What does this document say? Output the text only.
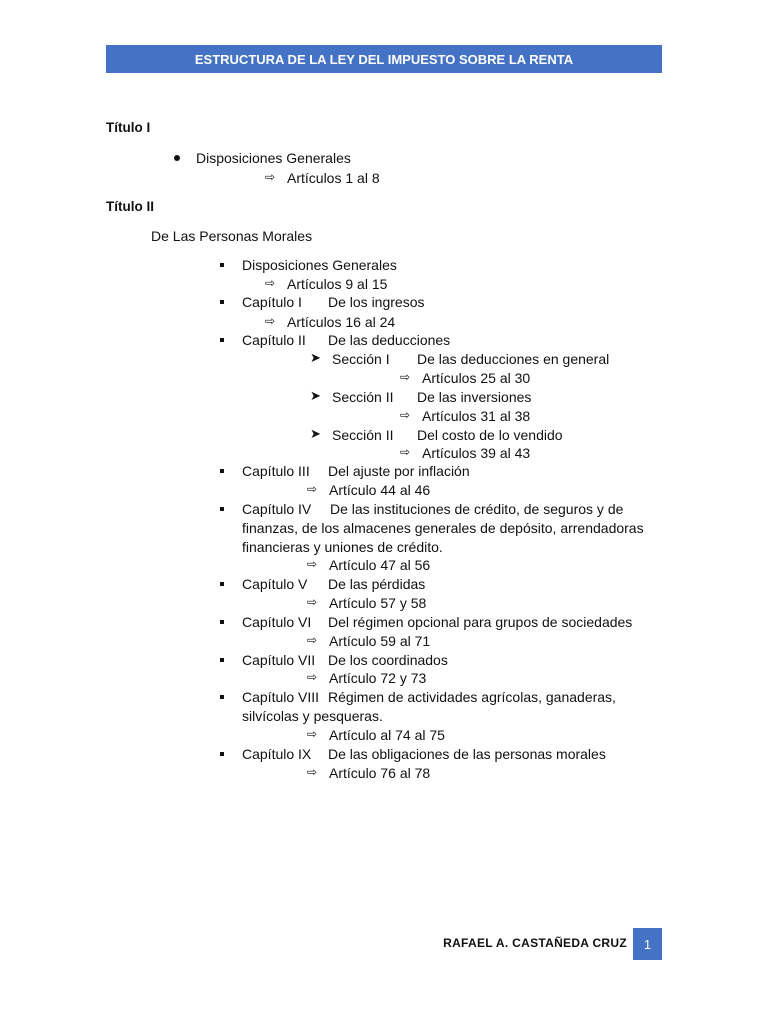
ESTRUCTURA DE LA LEY DEL IMPUESTO SOBRE LA RENTA
Título I
Disposiciones Generales
⇨ Artículos 1 al 8
Título II
De Las Personas Morales
Disposiciones Generales
⇨ Artículos 9 al 15
Capítulo I De los ingresos
⇨ Artículos 16 al 24
Capítulo II De las deducciones
➤ Sección I De las deducciones en general
⇨ Artículos 25 al 30
➤ Sección II De las inversiones
⇨ Artículos 31 al 38
➤ Sección II Del costo de lo vendido
⇨ Artículos 39 al 43
Capítulo III Del ajuste por inflación
⇨ Artículo 44 al 46
Capítulo IV De las instituciones de crédito, de seguros y de
finanzas, de los almacenes generales de depósito, arrendadoras
financieras y uniones de crédito.
⇨ Artículo 47 al 56
Capítulo V De las pérdidas
⇨ Artículo 57 y 58
Capítulo VI Del régimen opcional para grupos de sociedades
⇨ Artículo 59 al 71
Capítulo VII De los coordinados
⇨ Artículo 72 y 73
Capítulo VIII Régimen de actividades agrícolas, ganaderas,
silvícolas y pesqueras.
⇨ Artículo al 74 al 75
Capítulo IX De las obligaciones de las personas morales
⇨ Artículo 76 al 78
RAFAEL A. CASTAÑEDA CRUZ 1
